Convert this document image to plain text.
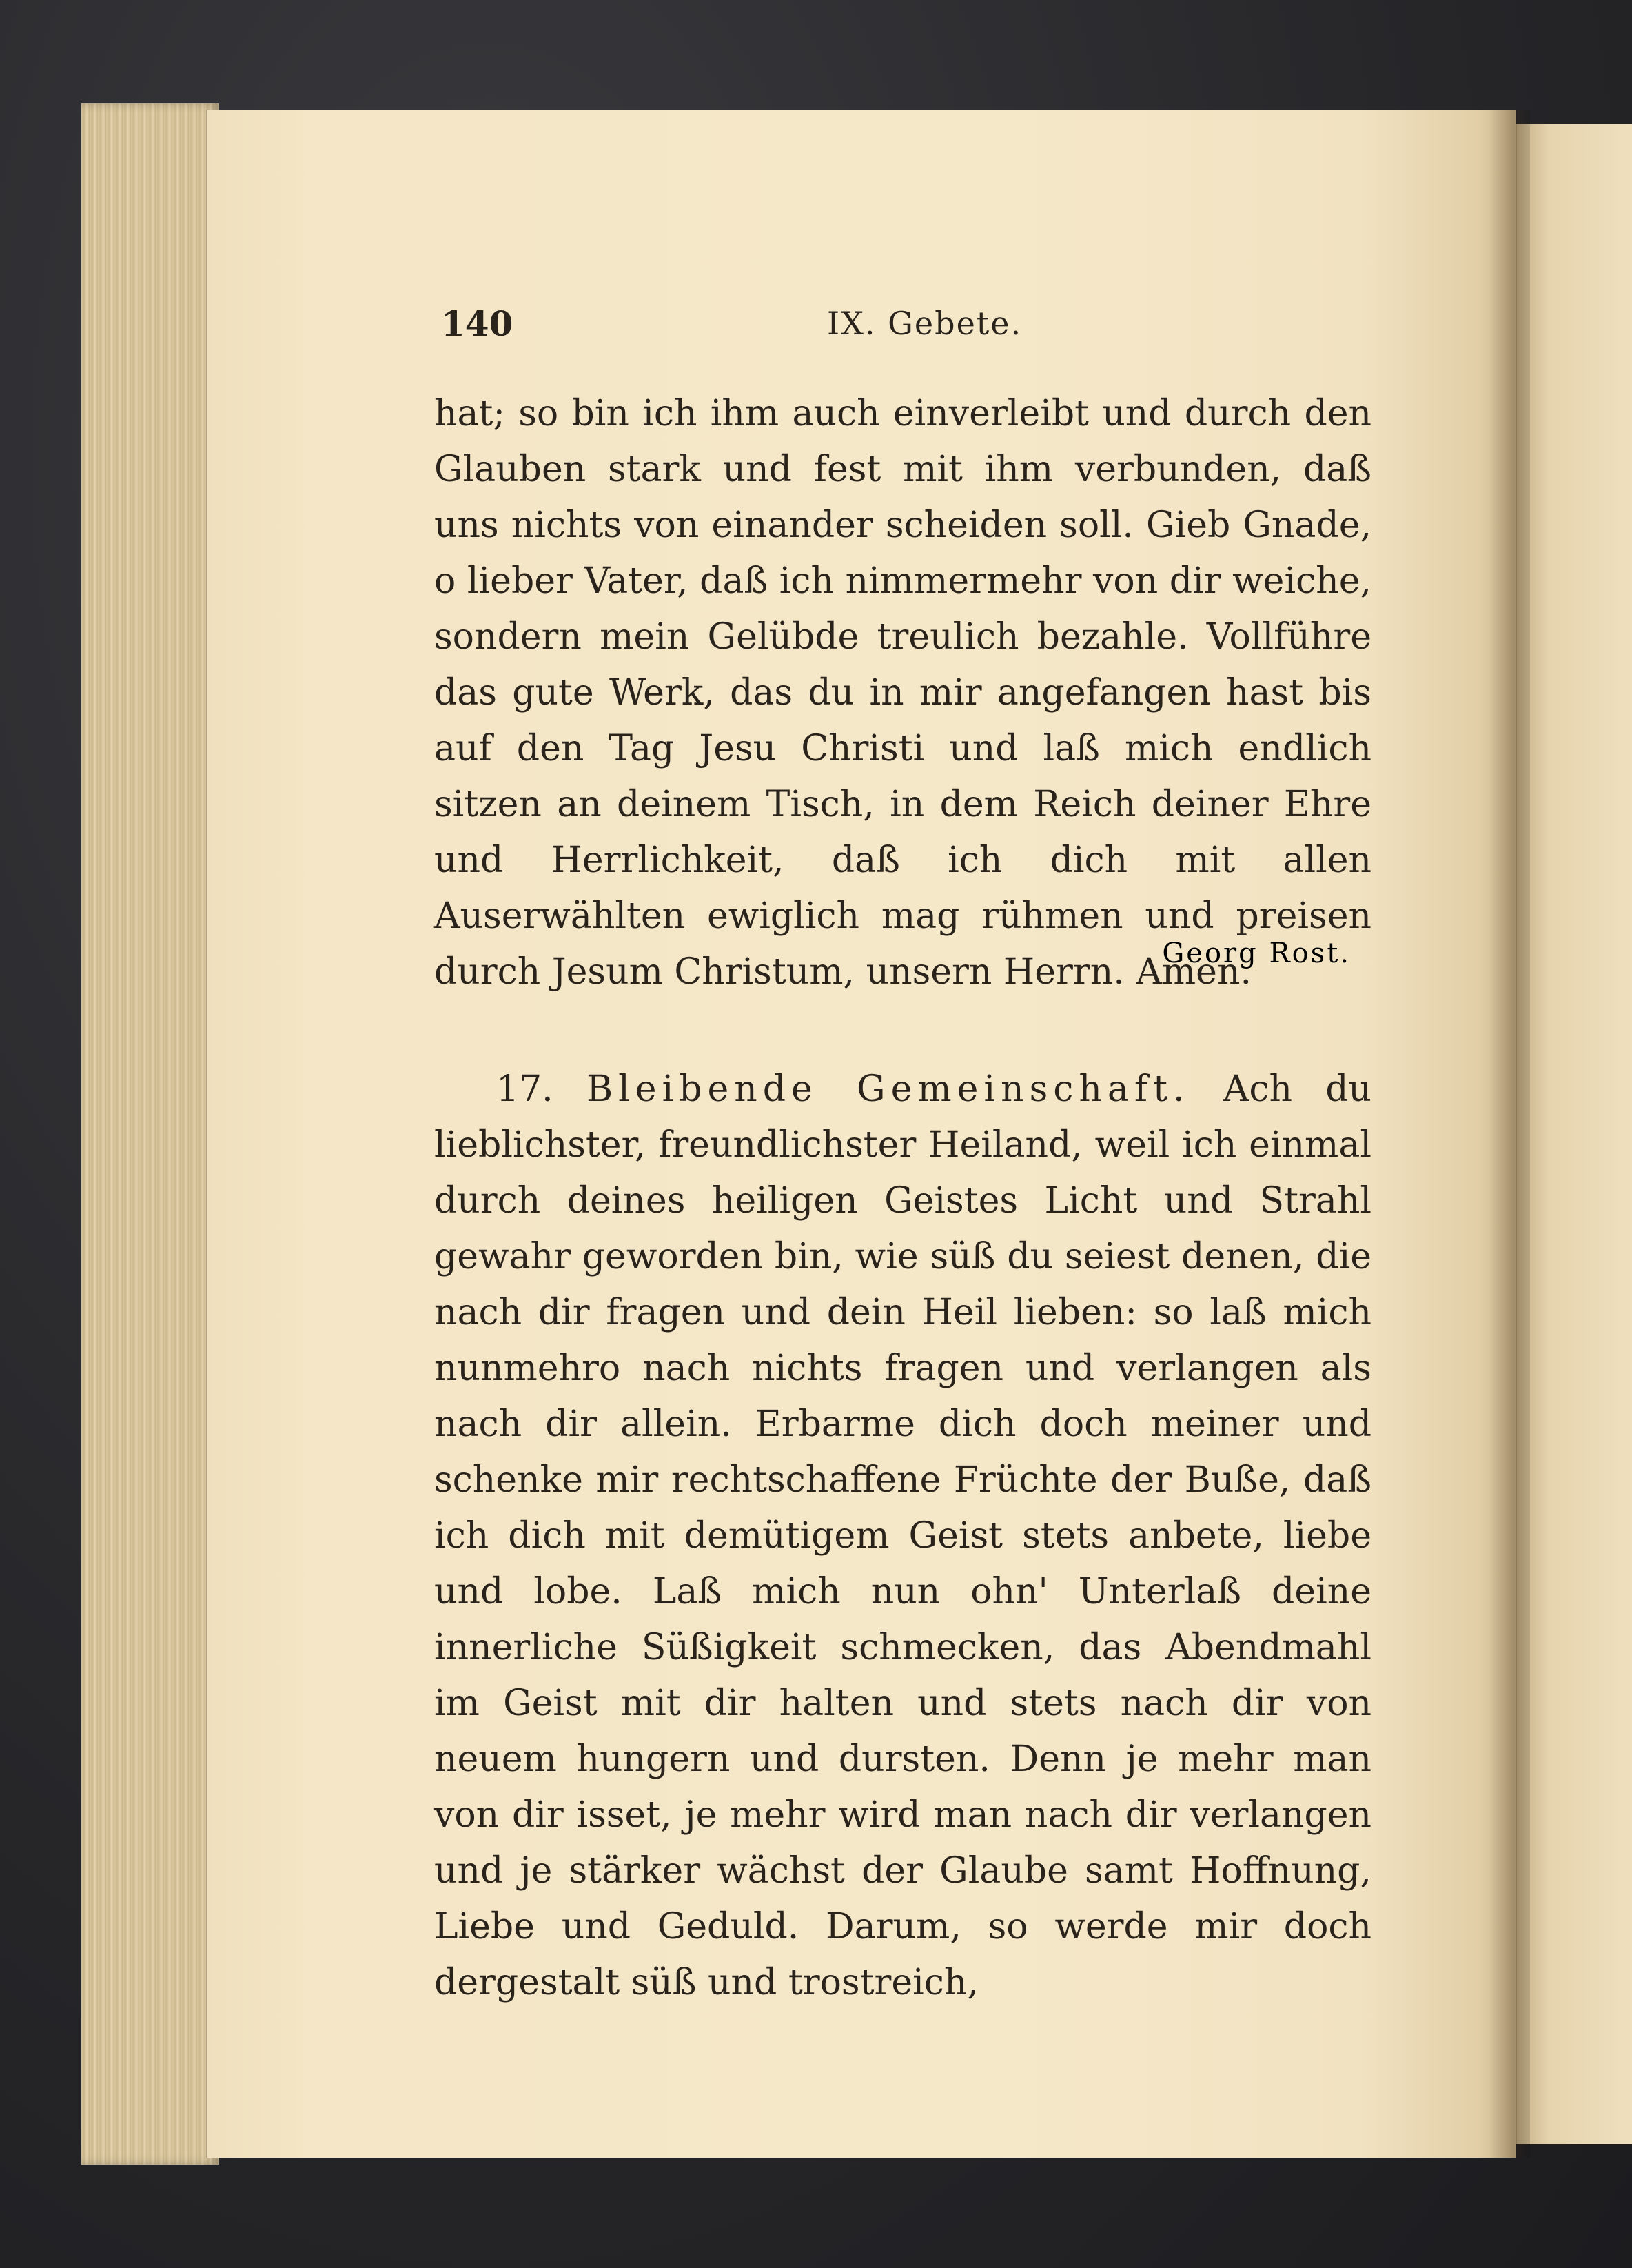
140	IX. Gebete.
hat; so bin ich ihm auch einverleibt und durch den Glauben stark und fest mit ihm verbunden, daß uns nichts von einander scheiden soll. Gieb Gnade, o lieber Vater, daß ich nimmermehr von dir weiche, sondern mein Gelübde treulich bezahle. Vollführe das gute Werk, das du in mir angefangen hast bis auf den Tag Jesu Christi und laß mich endlich sitzen an deinem Tisch, in dem Reich deiner Ehre und Herrlichkeit, daß ich dich mit allen Auserwählten ewiglich mag rühmen und preisen durch Jesum Christum, unsern Herrn. Amen.
Georg Rost.
17. Bleibende Gemeinschaft. Ach du lieblichster, freundlichster Heiland, weil ich einmal durch deines heiligen Geistes Licht und Strahl gewahr geworden bin, wie süß du seiest denen, die nach dir fragen und dein Heil lieben: so laß mich nunmehro nach nichts fragen und verlangen als nach dir allein. Erbarme dich doch meiner und schenke mir rechtschaffene Früchte der Buße, daß ich dich mit demütigem Geist stets anbete, liebe und lobe. Laß mich nun ohn' Unterlaß deine innerliche Süßigkeit schmecken, das Abendmahl im Geist mit dir halten und stets nach dir von neuem hungern und dursten. Denn je mehr man von dir isset, je mehr wird man nach dir verlangen und je stärker wächst der Glaube samt Hoffnung, Liebe und Geduld. Darum, so werde mir doch dergestalt süß und trostreich,
